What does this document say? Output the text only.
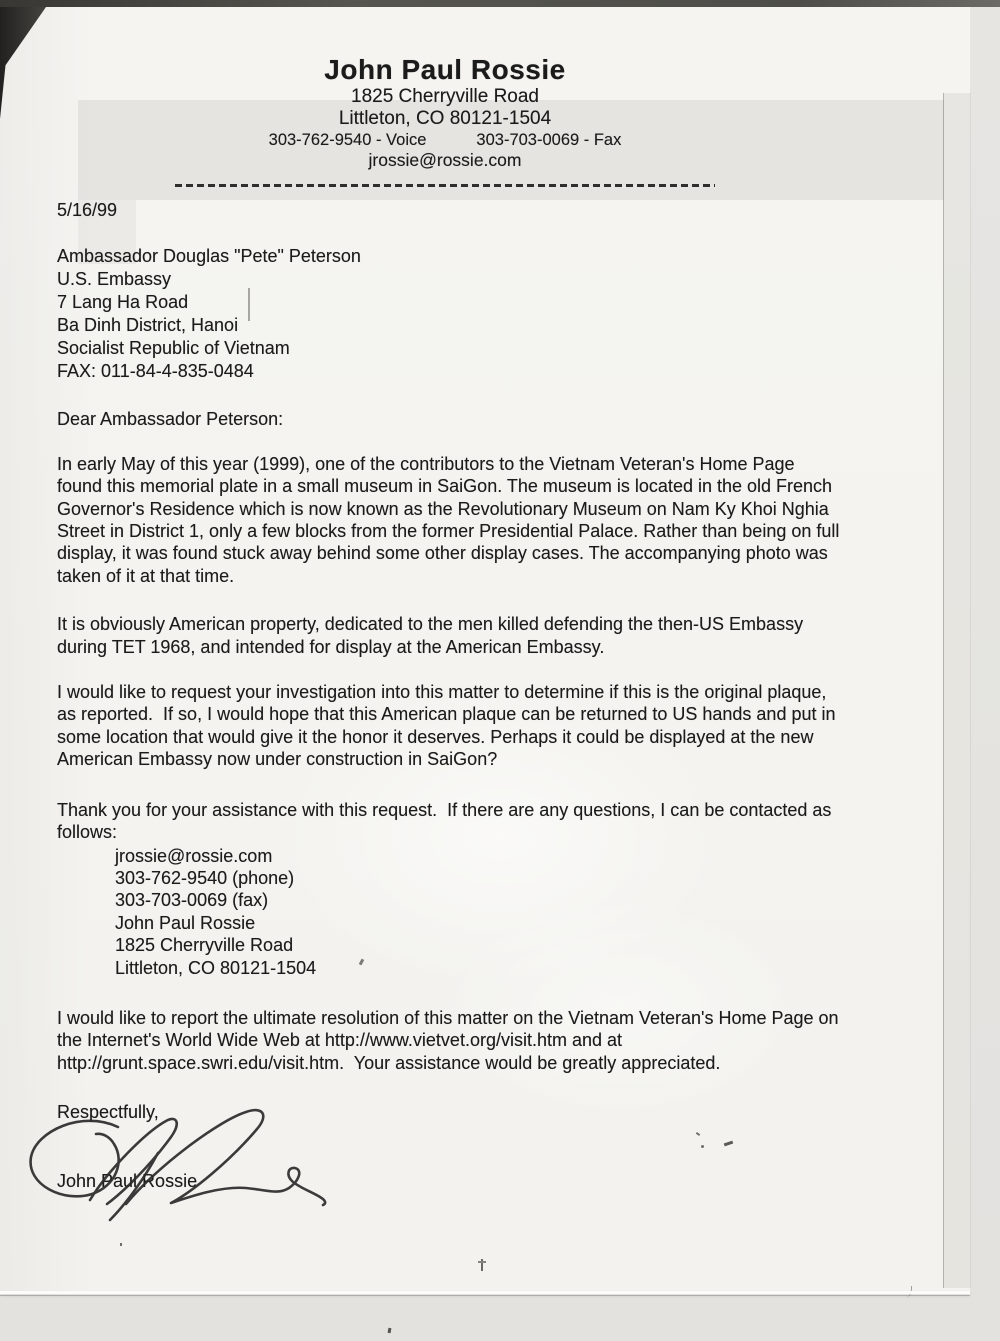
John Paul Rossie
1825 Cherryville Road
Littleton, CO 80121-1504
303-762-9540 - Voice	303-703-0069 - Fax
jrossie@rossie.com
5/16/99
Ambassador Douglas "Pete" Peterson
U.S. Embassy
7 Lang Ha Road
Ba Dinh District, Hanoi
Socialist Republic of Vietnam
FAX: 011-84-4-835-0484
Dear Ambassador Peterson:

In early May of this year (1999), one of the contributors to the Vietnam Veteran's Home Page found this memorial plate in a small museum in SaiGon. The museum is located in the old French Governor's Residence which is now known as the Revolutionary Museum on Nam Ky Khoi Nghia Street in District 1, only a few blocks from the former Presidential Palace. Rather than being on full display, it was found stuck away behind some other display cases. The accompanying photo was taken of it at that time.

It is obviously American property, dedicated to the men killed defending the then-US Embassy during TET 1968, and intended for display at the American Embassy.

I would like to request your investigation into this matter to determine if this is the original plaque, as reported.  If so, I would hope that this American plaque can be returned to US hands and put in some location that would give it the honor it deserves. Perhaps it could be displayed at the new American Embassy now under construction in SaiGon?

Thank you for your assistance with this request.  If there are any questions, I can be contacted as follows:

jrossie@rossie.com
303-762-9540 (phone)
303-703-0069 (fax)
John Paul Rossie
1825 Cherryville Road
Littleton, CO 80121-1504

I would like to report the ultimate resolution of this matter on the Vietnam Veteran's Home Page on the Internet's World Wide Web at http://www.vietvet.org/visit.htm and at http://grunt.space.swri.edu/visit.htm.  Your assistance would be greatly appreciated.

Respectfully,
John Paul Rossie
